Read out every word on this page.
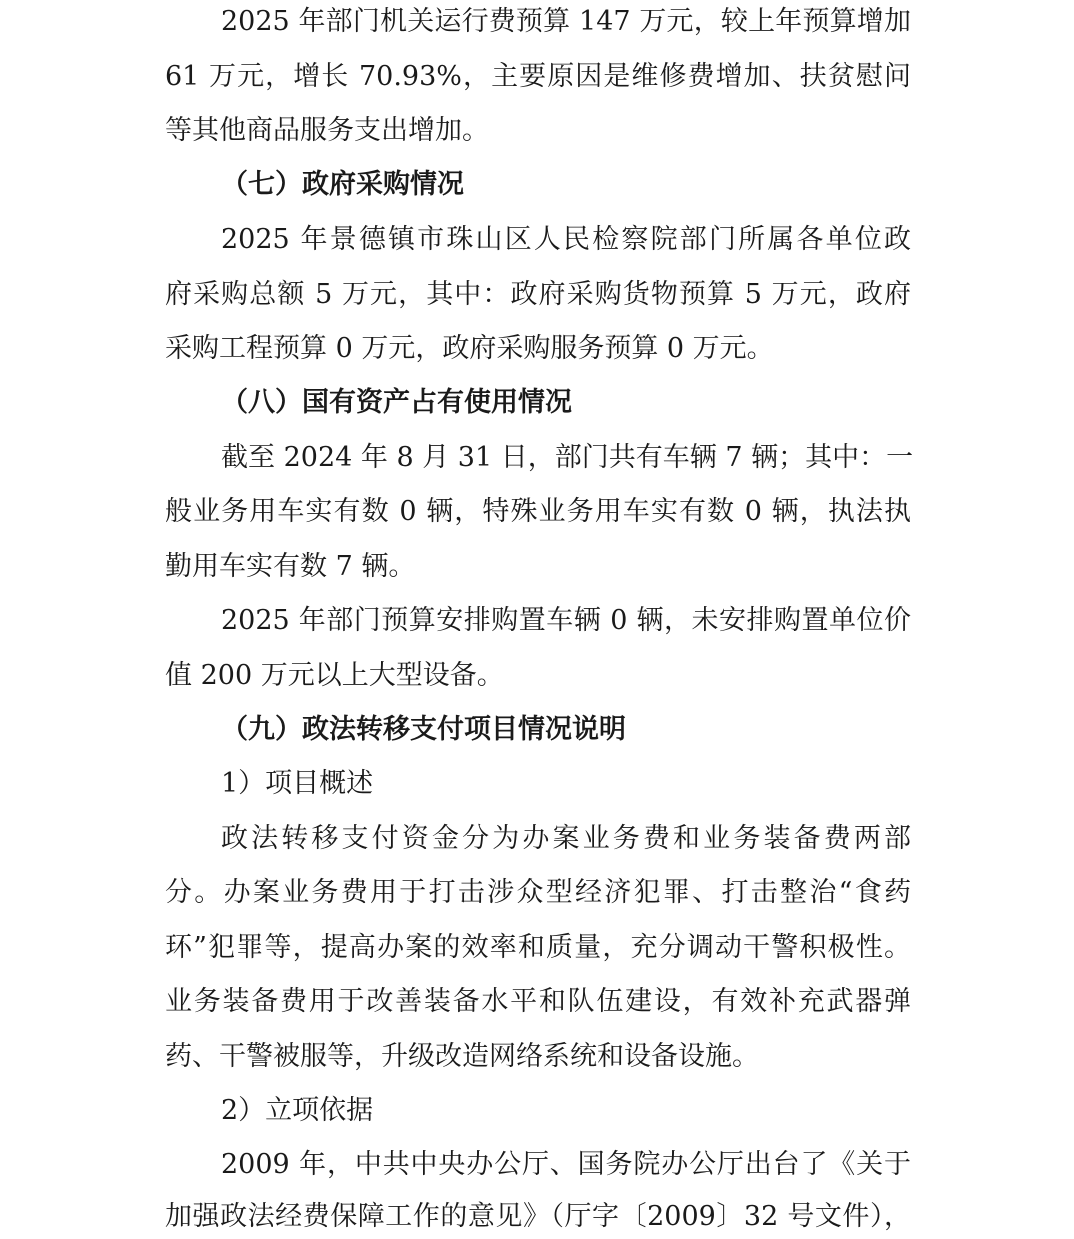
2025 年部门机关运行费预算 147 万元，较上年预算增加
61 万元，增长 70.93%，主要原因是维修费增加、扶贫慰问
等其他商品服务支出增加。
（七）政府采购情况
2025 年景德镇市珠山区人民检察院部门所属各单位政
府采购总额 5 万元，其中：政府采购货物预算 5 万元，政府
采购工程预算 0 万元，政府采购服务预算 0 万元。
（八）国有资产占有使用情况
截至 2024 年 8 月 31 日，部门共有车辆 7 辆；其中：一
般业务用车实有数 0 辆，特殊业务用车实有数 0 辆，执法执
勤用车实有数 7 辆。
2025 年部门预算安排购置车辆 0 辆，未安排购置单位价
值 200 万元以上大型设备。
（九）政法转移支付项目情况说明
1）项目概述
政法转移支付资金分为办案业务费和业务装备费两部
分。办案业务费用于打击涉众型经济犯罪、打击整治“食药
环”犯罪等，提高办案的效率和质量，充分调动干警积极性。
业务装备费用于改善装备水平和队伍建设，有效补充武器弹
药、干警被服等，升级改造网络系统和设备设施。
2）立项依据
2009 年，中共中央办公厅、国务院办公厅出台了《关于
加强政法经费保障工作的意见》（厅字〔2009〕32 号文件），
